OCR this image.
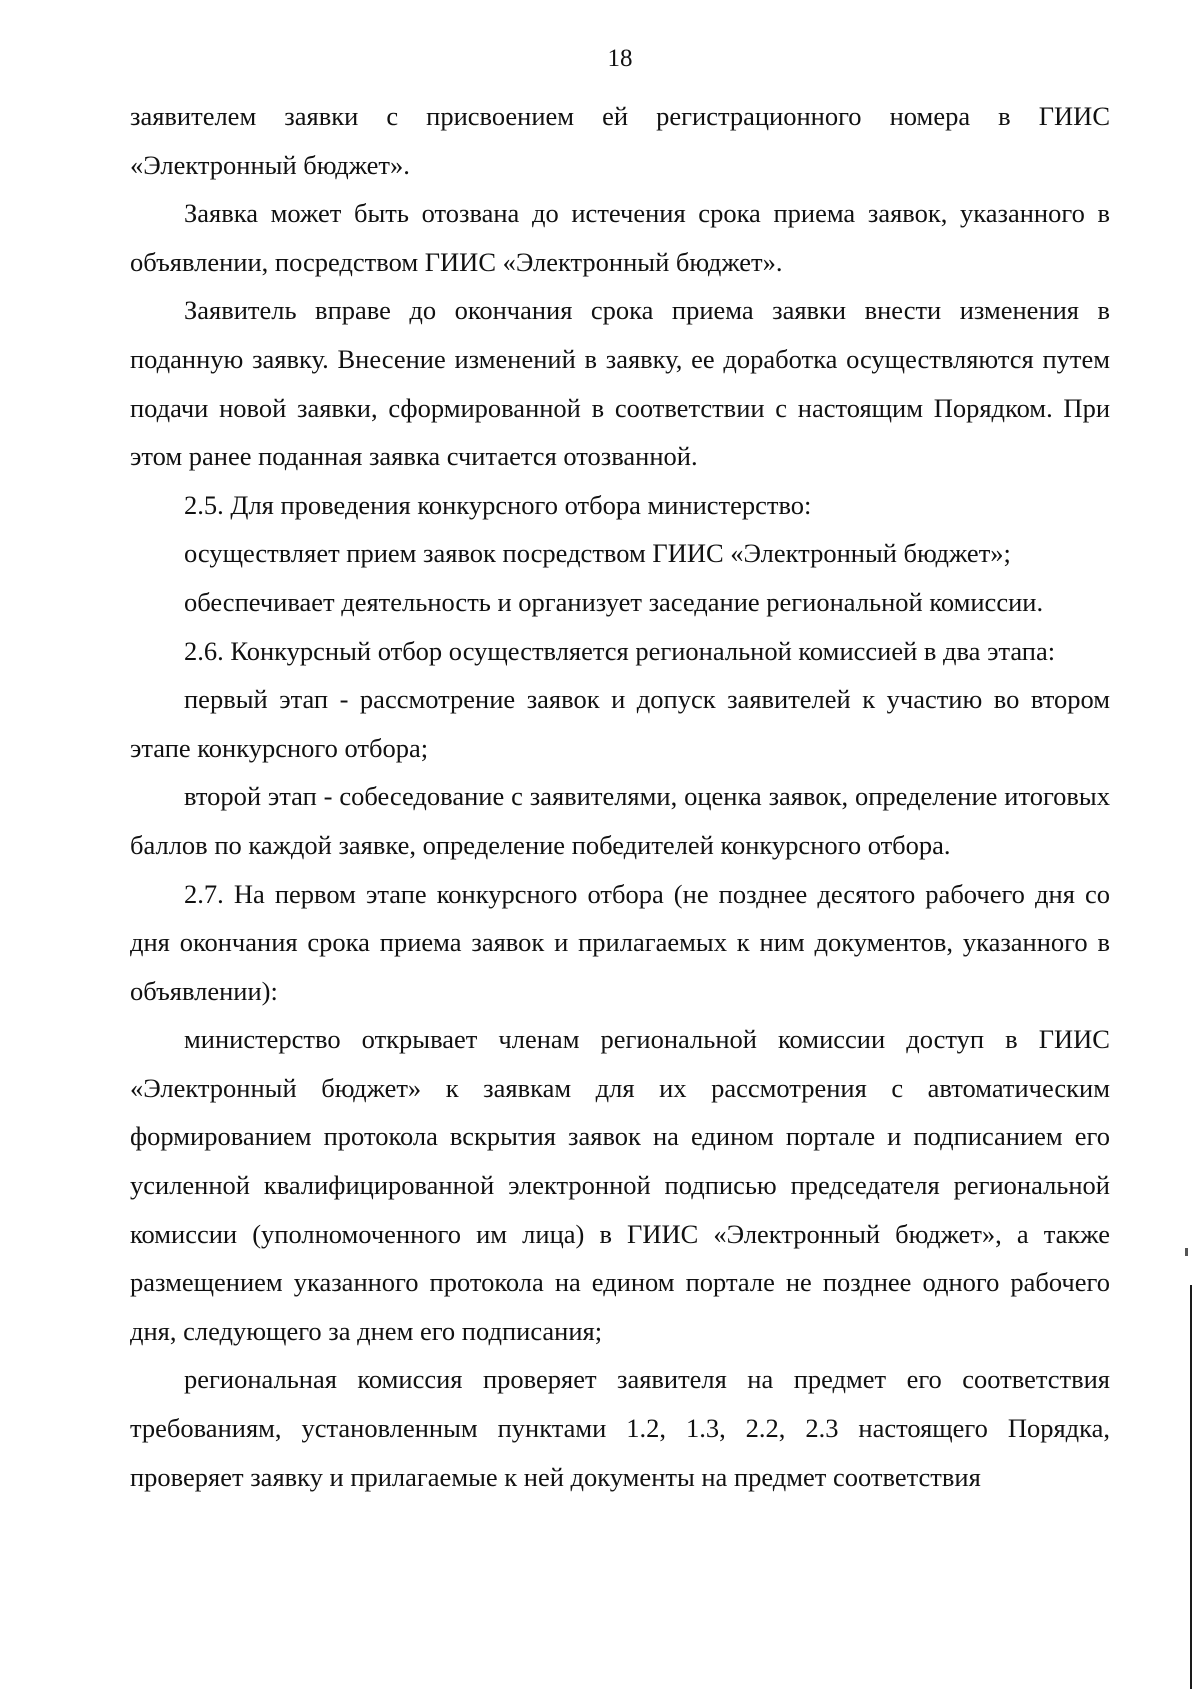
18

заявителем заявки с присвоением ей регистрационного номера в ГИИС «Электронный бюджет».

Заявка может быть отозвана до истечения срока приема заявок, указанного в объявлении, посредством ГИИС «Электронный бюджет».

Заявитель вправе до окончания срока приема заявки внести изменения в поданную заявку. Внесение изменений в заявку, ее доработка осуществляются путем подачи новой заявки, сформированной в соответствии с настоящим Порядком. При этом ранее поданная заявка считается отозванной.

2.5. Для проведения конкурсного отбора министерство:

осуществляет прием заявок посредством ГИИС «Электронный бюджет»;

обеспечивает деятельность и организует заседание региональной комиссии.

2.6. Конкурсный отбор осуществляется региональной комиссией в два этапа:

первый этап - рассмотрение заявок и допуск заявителей к участию во втором этапе конкурсного отбора;

второй этап - собеседование с заявителями, оценка заявок, определение итоговых баллов по каждой заявке, определение победителей конкурсного отбора.

2.7. На первом этапе конкурсного отбора (не позднее десятого рабочего дня со дня окончания срока приема заявок и прилагаемых к ним документов, указанного в объявлении):

министерство открывает членам региональной комиссии доступ в ГИИС «Электронный бюджет» к заявкам для их рассмотрения с автоматическим формированием протокола вскрытия заявок на едином портале и подписанием его усиленной квалифицированной электронной подписью председателя региональной комиссии (уполномоченного им лица) в ГИИС «Электронный бюджет», а также размещением указанного протокола на едином портале не позднее одного рабочего дня, следующего за днем его подписания;

региональная комиссия проверяет заявителя на предмет его соответствия требованиям, установленным пунктами 1.2, 1.3, 2.2, 2.3 настоящего Порядка, проверяет заявку и прилагаемые к ней документы на предмет соответствия
